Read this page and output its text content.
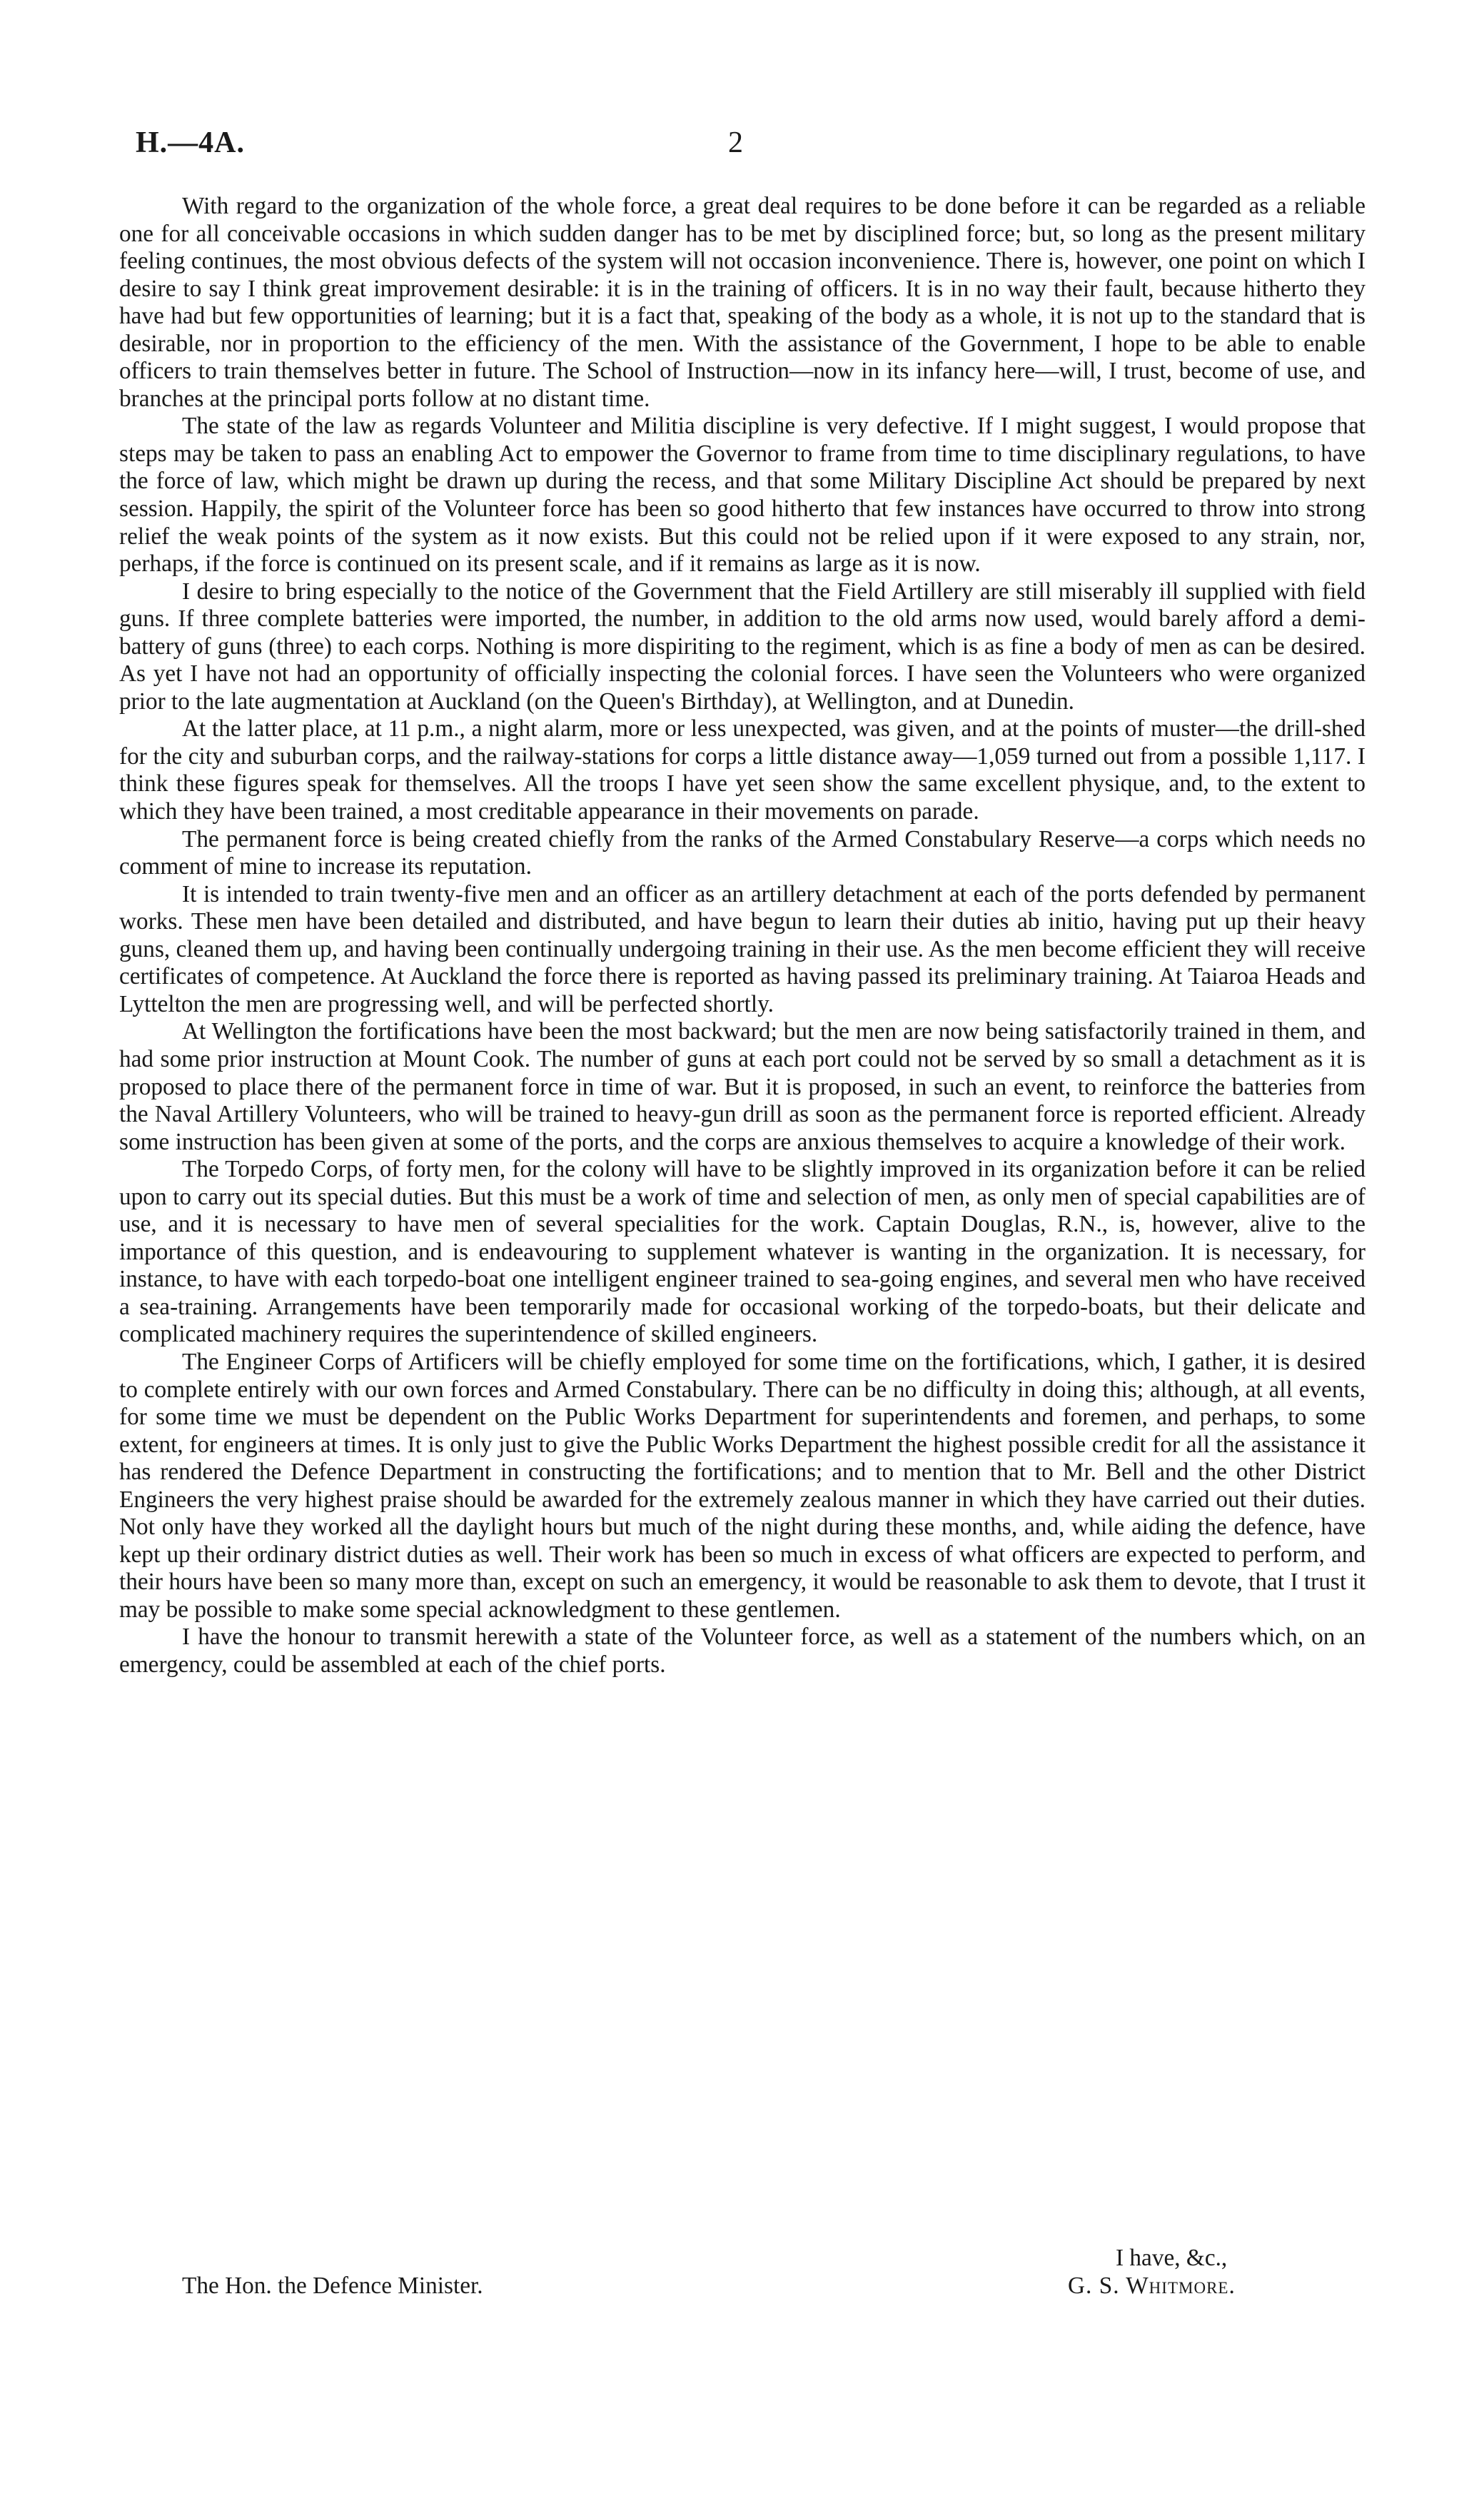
H.—4A.	2

With regard to the organization of the whole force, a great deal requires to be done before it can be regarded as a reliable one for all conceivable occasions in which sudden danger has to be met by disciplined force; but, so long as the present military feeling continues, the most obvious defects of the system will not occasion inconvenience. There is, however, one point on which I desire to say I think great improvement desirable: it is in the training of officers. It is in no way their fault, because hitherto they have had but few opportunities of learning; but it is a fact that, speaking of the body as a whole, it is not up to the standard that is desirable, nor in proportion to the efficiency of the men. With the assistance of the Government, I hope to be able to enable officers to train themselves better in future. The School of Instruction—now in its infancy here—will, I trust, become of use, and branches at the principal ports follow at no distant time.

The state of the law as regards Volunteer and Militia discipline is very defective. If I might suggest, I would propose that steps may be taken to pass an enabling Act to empower the Governor to frame from time to time disciplinary regulations, to have the force of law, which might be drawn up during the recess, and that some Military Discipline Act should be prepared by next session. Happily, the spirit of the Volunteer force has been so good hitherto that few instances have occurred to throw into strong relief the weak points of the system as it now exists. But this could not be relied upon if it were exposed to any strain, nor, perhaps, if the force is continued on its present scale, and if it remains as large as it is now.

I desire to bring especially to the notice of the Government that the Field Artillery are still miserably ill supplied with field guns. If three complete batteries were imported, the number, in addition to the old arms now used, would barely afford a demi-battery of guns (three) to each corps. Nothing is more dispiriting to the regiment, which is as fine a body of men as can be desired. As yet I have not had an opportunity of officially inspecting the colonial forces. I have seen the Volunteers who were organized prior to the late augmentation at Auckland (on the Queen's Birthday), at Wellington, and at Dunedin.

At the latter place, at 11 p.m., a night alarm, more or less unexpected, was given, and at the points of muster—the drill-shed for the city and suburban corps, and the railway-stations for corps a little distance away—1,059 turned out from a possible 1,117. I think these figures speak for themselves. All the troops I have yet seen show the same excellent physique, and, to the extent to which they have been trained, a most creditable appearance in their movements on parade.

The permanent force is being created chiefly from the ranks of the Armed Constabulary Reserve—a corps which needs no comment of mine to increase its reputation.

It is intended to train twenty-five men and an officer as an artillery detachment at each of the ports defended by permanent works. These men have been detailed and distributed, and have begun to learn their duties ab initio, having put up their heavy guns, cleaned them up, and having been continually undergoing training in their use. As the men become efficient they will receive certificates of competence. At Auckland the force there is reported as having passed its preliminary training. At Taiaroa Heads and Lyttelton the men are progressing well, and will be perfected shortly.

At Wellington the fortifications have been the most backward; but the men are now being satisfactorily trained in them, and had some prior instruction at Mount Cook. The number of guns at each port could not be served by so small a detachment as it is proposed to place there of the permanent force in time of war. But it is proposed, in such an event, to reinforce the batteries from the Naval Artillery Volunteers, who will be trained to heavy-gun drill as soon as the permanent force is reported efficient. Already some instruction has been given at some of the ports, and the corps are anxious themselves to acquire a knowledge of their work.

The Torpedo Corps, of forty men, for the colony will have to be slightly improved in its organization before it can be relied upon to carry out its special duties. But this must be a work of time and selection of men, as only men of special capabilities are of use, and it is necessary to have men of several specialities for the work. Captain Douglas, R.N., is, however, alive to the importance of this question, and is endeavouring to supplement whatever is wanting in the organization. It is necessary, for instance, to have with each torpedo-boat one intelligent engineer trained to sea-going engines, and several men who have received a sea-training. Arrangements have been temporarily made for occasional working of the torpedo-boats, but their delicate and complicated machinery requires the superintendence of skilled engineers.

The Engineer Corps of Artificers will be chiefly employed for some time on the fortifications, which, I gather, it is desired to complete entirely with our own forces and Armed Constabulary. There can be no difficulty in doing this; although, at all events, for some time we must be dependent on the Public Works Department for superintendents and foremen, and perhaps, to some extent, for engineers at times. It is only just to give the Public Works Department the highest possible credit for all the assistance it has rendered the Defence Department in constructing the fortifications; and to mention that to Mr. Bell and the other District Engineers the very highest praise should be awarded for the extremely zealous manner in which they have carried out their duties. Not only have they worked all the daylight hours but much of the night during these months, and, while aiding the defence, have kept up their ordinary district duties as well. Their work has been so much in excess of what officers are expected to perform, and their hours have been so many more than, except on such an emergency, it would be reasonable to ask them to devote, that I trust it may be possible to make some special acknowledgment to these gentlemen.

I have the honour to transmit herewith a state of the Volunteer force, as well as a statement of the numbers which, on an emergency, could be assembled at each of the chief ports.

I have, &c.,
The Hon. the Defence Minister.	G. S. Whitmore.
